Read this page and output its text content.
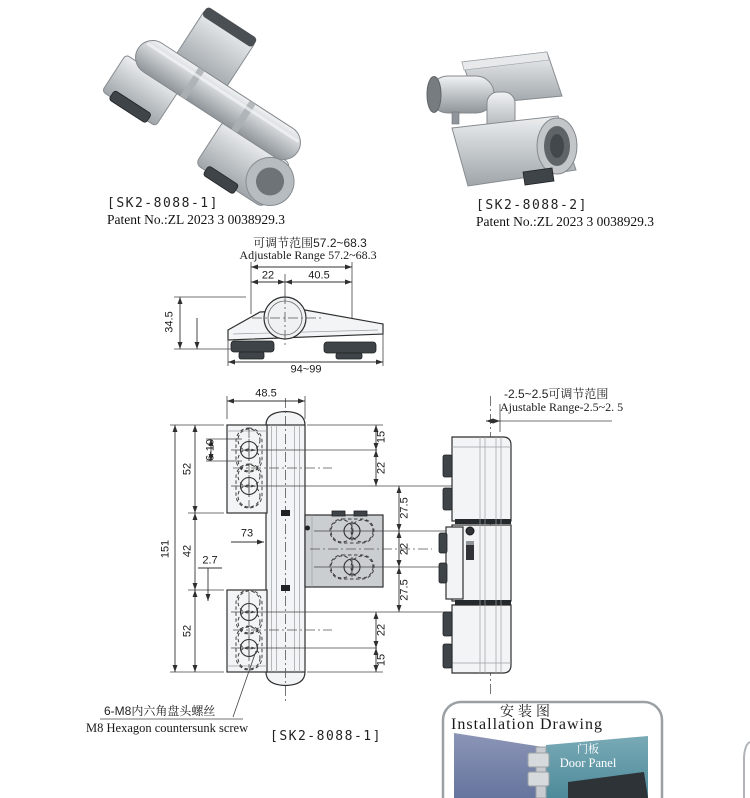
[SK2-8088-1]
Patent No.:ZL 2023 3 0038929.3
[SK2-8088-2]
Patent No.:ZL 2023 3 0038929.3
可调节范围57.2~68.3
Adjustable Range 57.2~68.3
22	40.5
34.5
94~99
48.5
6-10
52
151 42
2.7
73
52
15
22
27.5
22
27.5
22
15
-2.5~2.5可调节范围
Ajustable Range-2.5~2. 5
6-M8内六角盘头螺丝
M8 Hexagon countersunk screw
[SK2-8088-1]
安装图
Installation Drawing
门板
Door Panel
